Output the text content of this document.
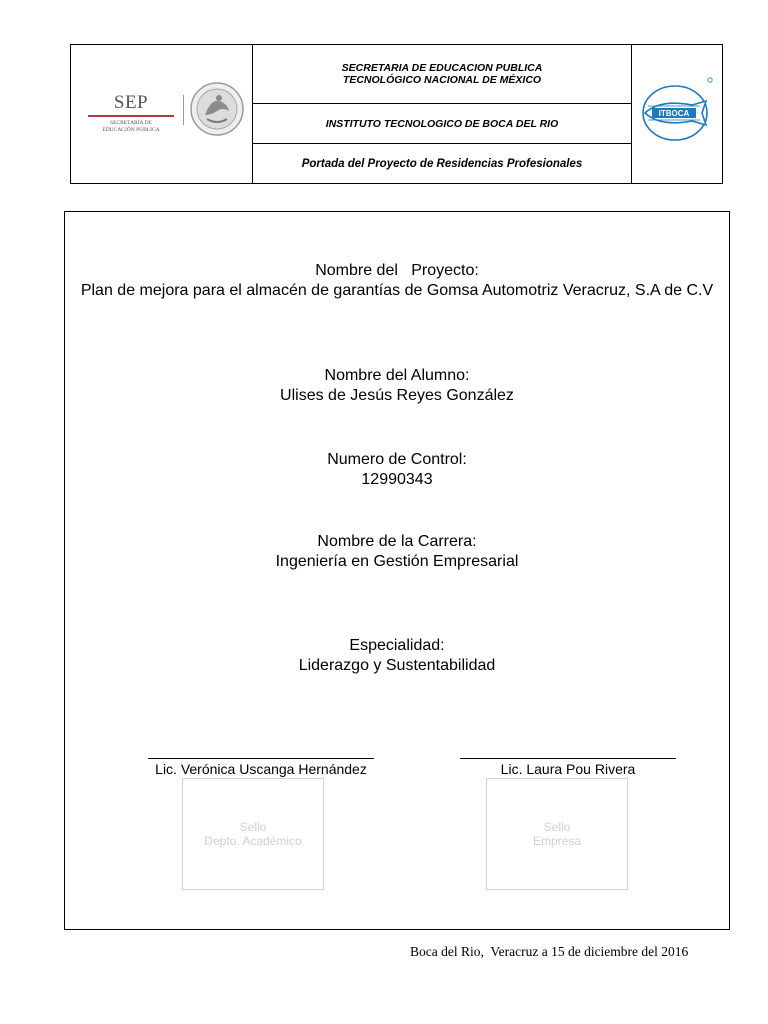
SEP
SECRETARÍA DE
EDUCACIÓN PÚBLICA
SECRETARIA DE EDUCACION PUBLICA
TECNOLÓGICO NACIONAL DE MÉXICO
INSTITUTO TECNOLOGICO DE BOCA DEL RIO
Portada del Proyecto de Residencias Profesionales
ITBOCA
Nombre del   Proyecto:
Plan de mejora para el almacén de garantías de Gomsa Automotriz Veracruz, S.A de C.V
Nombre del Alumno:
Ulises de Jesús Reyes González
Numero de Control:
12990343
Nombre de la Carrera:
Ingeniería en Gestión Empresarial
Especialidad:
Liderazgo y Sustentabilidad
Lic. Verónica Uscanga Hernández	Lic. Laura Pou Rivera
Sello
Depto. Académico
Sello
Empresa
Boca del Rio,  Veracruz a 15 de diciembre del 2016
